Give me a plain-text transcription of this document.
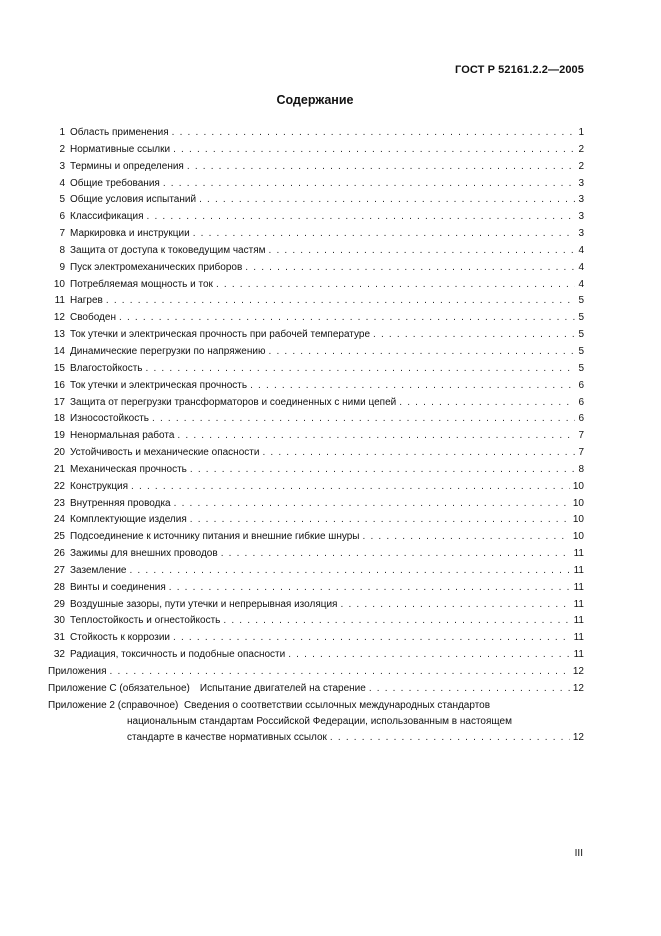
ГОСТ Р 52161.2.2—2005
Содержание
1 Область применения . . .	1
2 Нормативные ссылки . . .	2
3 Термины и определения . . .	2
4 Общие требования . . .	3
5 Общие условия испытаний . . .	3
6 Классификация . . .	3
7 Маркировка и инструкции . . .	3
8 Защита от доступа к токоведущим частям . . .	4
9 Пуск электромеханических приборов . . .	4
10 Потребляемая мощность и ток . . .	4
11 Нагрев . . .	5
12 Свободен . . .	5
13 Ток утечки и электрическая прочность при рабочей температуре . . .	5
14 Динамические перегрузки по напряжению . . .	5
15 Влагостойкость . . .	5
16 Ток утечки и электрическая прочность . . .	6
17 Защита от перегрузки трансформаторов и соединенных с ними цепей . . .	6
18 Износостойкость . . .	6
19 Ненормальная работа . . .	7
20 Устойчивость и механические опасности . . .	7
21 Механическая прочность . . .	8
22 Конструкция . . .	10
23 Внутренняя проводка . . .	10
24 Комплектующие изделия . . .	10
25 Подсоединение к источнику питания и внешние гибкие шнуры . . .	10
26 Зажимы для внешних проводов . . .	11
27 Заземление . . .	11
28 Винты и соединения . . .	11
29 Воздушные зазоры, пути утечки и непрерывная изоляция . . .	11
30 Теплостойкость и огнестойкость . . .	11
31 Стойкость к коррозии . . .	11
32 Радиация, токсичность и подобные опасности . . .	11
Приложения . . .	12
Приложение С (обязательное) Испытание двигателей на старение . . .	12
Приложение 2 (справочное) Сведения о соответствии ссылочных международных стандартов
национальным стандартам Российской Федерации, использованным в настоящем
стандарте в качестве нормативных ссылок . . .	12
III
